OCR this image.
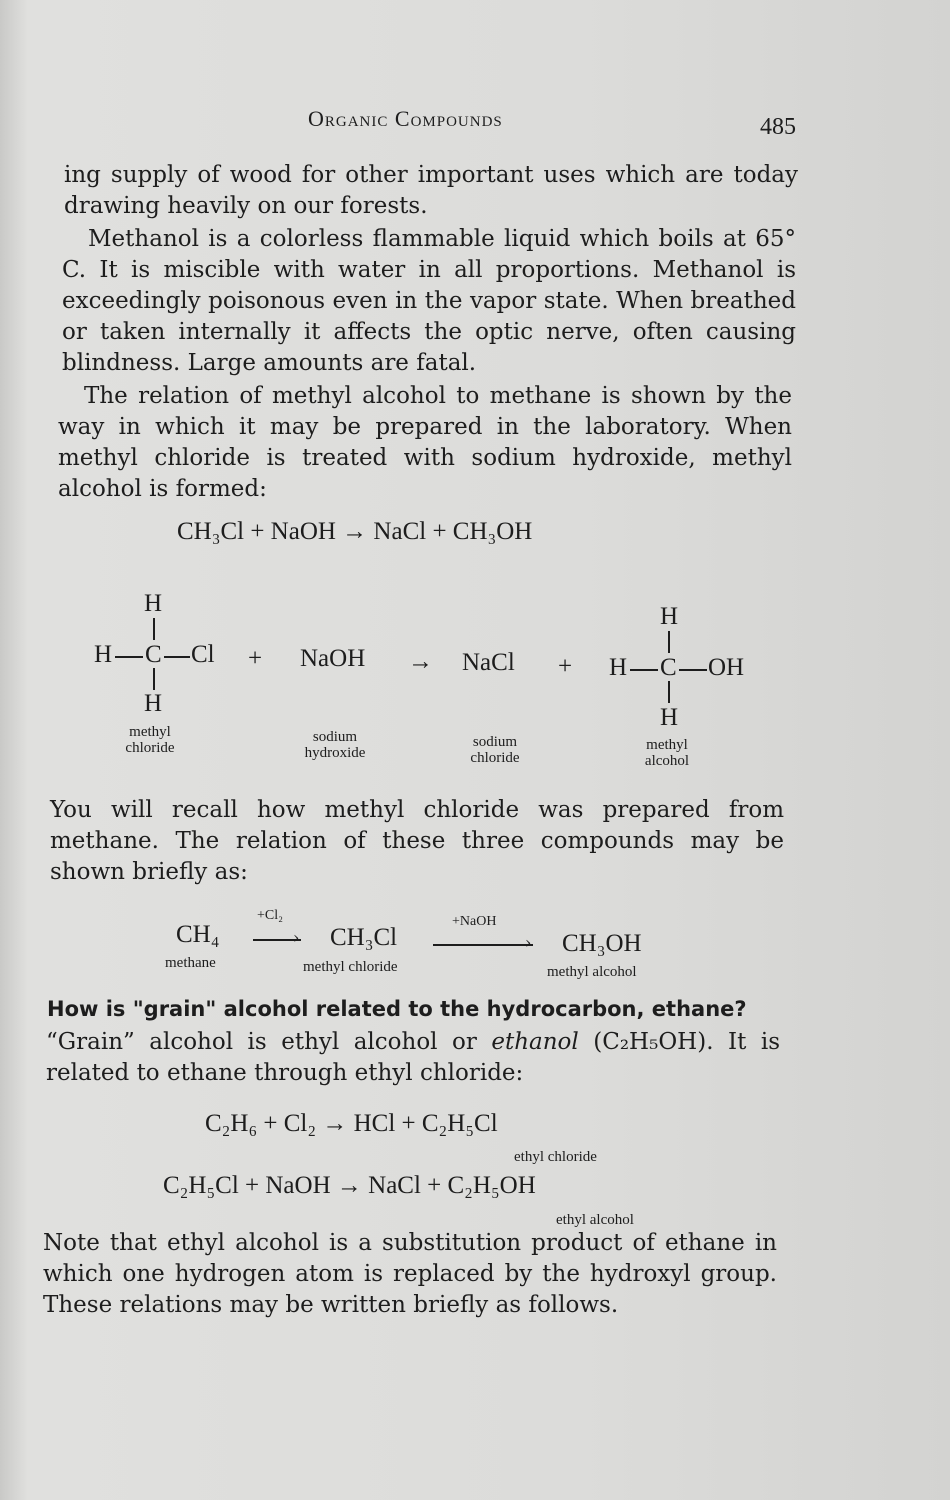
Organic Compounds	485
ing supply of wood for other important uses which are today drawing heavily on our forests.
Methanol is a colorless flammable liquid which boils at 65° C. It is miscible with water in all proportions. Methanol is exceedingly poisonous even in the vapor state. When breathed or taken internally it affects the optic nerve, often causing blindness. Large amounts are fatal.
The relation of methyl alcohol to methane is shown by the way in which it may be prepared in the laboratory. When methyl chloride is treated with sodium hydroxide, methyl alcohol is formed:
CH₃Cl + NaOH → NaCl + CH₃OH
H
H C Cl
H
methyl chloride
+ NaOH
sodium hydroxide
→ NaCl
sodium chloride
+
H
H C OH
H
methyl alcohol
You will recall how methyl chloride was prepared from methane. The relation of these three compounds may be shown briefly as:
CH₄
methane
+Cl₂
› CH₃Cl
methyl chloride
+NaOH
› CH₃OH
methyl alcohol
How is "grain" alcohol related to the hydrocarbon, ethane?
“Grain” alcohol is ethyl alcohol or ethanol (C₂H₅OH). It is related to ethane through ethyl chloride:
C₂H₆ + Cl₂ → HCl + C₂H₅Cl
ethyl chloride
C₂H₅Cl + NaOH → NaCl + C₂H₅OH
ethyl alcohol
Note that ethyl alcohol is a substitution product of ethane in which one hydrogen atom is replaced by the hydroxyl group. These relations may be written briefly as follows.
